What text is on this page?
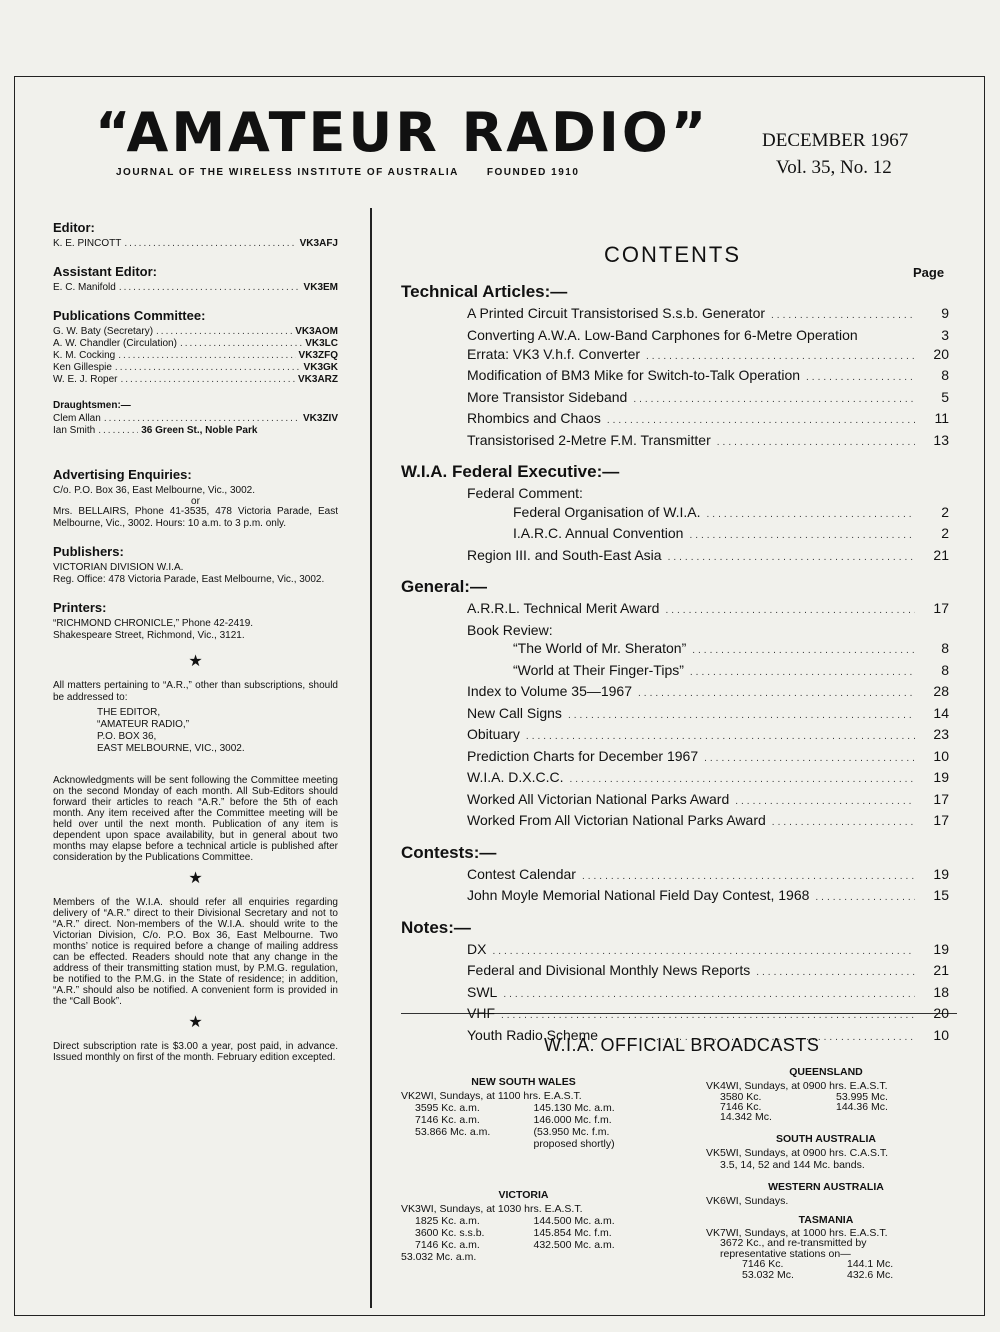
“AMATEUR RADIO”
JOURNAL OF THE WIRELESS INSTITUTE OF AUSTRALIA	FOUNDED 1910
DECEMBER 1967
Vol. 35, No. 12
Editor:
K. E. PINCOTT .....	VK3AFJ
Assistant Editor:
E. C. Manifold .....	VK3EM
Publications Committee:
G. W. Baty (Secretary) .....	VK3AOM
A. W. Chandler (Circulation) .....	VK3LC
K. M. Cocking .....	VK3ZFQ
Ken Gillespie .....	VK3GK
W. E. J. Roper .....	VK3ARZ
Draughtsmen:—
Clem Allan .....	VK3ZIV
Ian Smith .....	36 Green St., Noble Park
Advertising Enquiries:
C/o. P.O. Box 36, East Melbourne, Vic., 3002.
or
Mrs. BELLAIRS, Phone 41-3535, 478 Victoria Parade, East Melbourne, Vic., 3002. Hours: 10 a.m. to 3 p.m. only.
Publishers:
VICTORIAN DIVISION W.I.A.
Reg. Office: 478 Victoria Parade, East Melbourne, Vic., 3002.
Printers:
“RICHMOND CHRONICLE,” Phone 42-2419.
Shakespeare Street, Richmond, Vic., 3121.
★
All matters pertaining to “A.R.,” other than subscriptions, should be addressed to:
THE EDITOR,
“AMATEUR RADIO,”
P.O. BOX 36,
EAST MELBOURNE, VIC., 3002.
Acknowledgments will be sent following the Committee meeting on the second Monday of each month. All Sub-Editors should forward their articles to reach “A.R.” before the 5th of each month. Any item received after the Committee meeting will be held over until the next month. Publication of any item is dependent upon space availability, but in general about two months may elapse before a technical article is published after consideration by the Publications Committee.
★
Members of the W.I.A. should refer all enquiries regarding delivery of “A.R.” direct to their Divisional Secretary and not to “A.R.” direct. Non-members of the W.I.A. should write to the Victorian Division, C/o. P.O. Box 36, East Melbourne. Two months’ notice is required before a change of mailing address can be effected. Readers should note that any change in the address of their transmitting station must, by P.M.G. regulation, be notified to the P.M.G. in the State of residence; in addition, “A.R.” should also be notified. A convenient form is provided in the “Call Book”.
★
Direct subscription rate is $3.00 a year, post paid, in advance. Issued monthly on first of the month. February edition excepted.
CONTENTS
Page
Technical Articles:—
A Printed Circuit Transistorised S.s.b. Generator .....	9
Converting A.W.A. Low-Band Carphones for 6-Metre Operation	3
Errata: VK3 V.h.f. Converter .....	20
Modification of BM3 Mike for Switch-to-Talk Operation .....	8
More Transistor Sideband .....	5
Rhombics and Chaos .....	11
Transistorised 2-Metre F.M. Transmitter .....	13
W.I.A. Federal Executive:—
Federal Comment:
Federal Organisation of W.I.A. .....	2
I.A.R.C. Annual Convention .....	2
Region III. and South-East Asia .....	21
General:—
A.R.R.L. Technical Merit Award .....	17
Book Review:
“The World of Mr. Sheraton” .....	8
“World at Their Finger-Tips” .....	8
Index to Volume 35—1967 .....	28
New Call Signs .....	14
Obituary .....	23
Prediction Charts for December 1967 .....	10
W.I.A. D.X.C.C. .....	19
Worked All Victorian National Parks Award .....	17
Worked From All Victorian National Parks Award .....	17
Contests:—
Contest Calendar .....	19
John Moyle Memorial National Field Day Contest, 1968 .....	15
Notes:—
DX .....	19
Federal and Divisional Monthly News Reports .....	21
SWL .....	18
VHF .....	20
Youth Radio Scheme .....	10
W.I.A. OFFICIAL BROADCASTS
NEW SOUTH WALES
VK2WI, Sundays, at 1100 hrs. E.A.S.T.
3595 Kc. a.m.	145.130 Mc. a.m.
7146 Kc. a.m.	146.000 Mc. f.m.
53.866 Mc. a.m.	(53.950 Mc. f.m.
proposed shortly)
VICTORIA
VK3WI, Sundays, at 1030 hrs. E.A.S.T.
1825 Kc. a.m.	144.500 Mc. a.m.
3600 Kc. s.s.b.	145.854 Mc. f.m.
7146 Kc. a.m.	432.500 Mc. a.m.
53.032 Mc. a.m.
QUEENSLAND
VK4WI, Sundays, at 0900 hrs. E.A.S.T.
3580 Kc.	53.995 Mc.
7146 Kc.	144.36 Mc.
14.342 Mc.
SOUTH AUSTRALIA
VK5WI, Sundays, at 0900 hrs. C.A.S.T.
3.5, 14, 52 and 144 Mc. bands.
WESTERN AUSTRALIA
VK6WI, Sundays.
TASMANIA
VK7WI, Sundays, at 1000 hrs. E.A.S.T.
3672 Kc., and re-transmitted by
representative stations on—
7146 Kc.	144.1 Mc.
53.032 Mc.	432.6 Mc.
